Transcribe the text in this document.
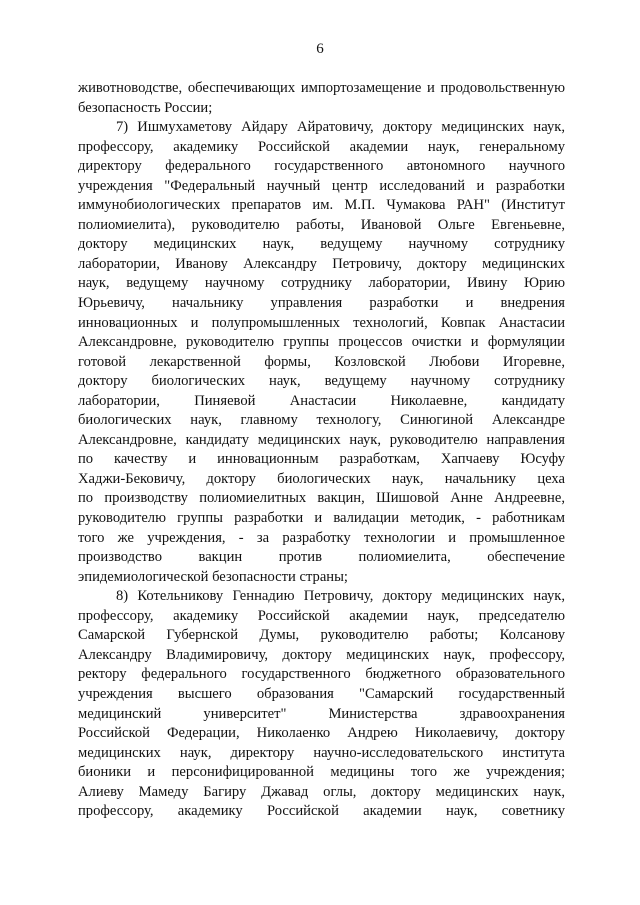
6

животноводстве, обеспечивающих импортозамещение и продовольственную

безопасность России;

7) Ишмухаметову Айдару Айратовичу, доктору медицинских наук,

профессору, академику Российской академии наук, генеральному

директору федерального государственного автономного научного

учреждения "Федеральный научный центр исследований и разработки

иммунобиологических препаратов им. М.П. Чумакова РАН" (Институт

полиомиелита), руководителю работы, Ивановой Ольге Евгеньевне,

доктору медицинских наук, ведущему научному сотруднику

лаборатории, Иванову Александру Петровичу, доктору медицинских

наук, ведущему научному сотруднику лаборатории, Ивину Юрию

Юрьевичу, начальнику управления разработки и внедрения

инновационных и полупромышленных технологий, Ковпак Анастасии

Александровне, руководителю группы процессов очистки и формуляции

готовой лекарственной формы, Козловской Любови Игоревне,

доктору биологических наук, ведущему научному сотруднику

лаборатории, Пиняевой Анастасии Николаевне, кандидату

биологических наук, главному технологу, Синюгиной Александре

Александровне, кандидату медицинских наук, руководителю направления

по качеству и инновационным разработкам, Хапчаеву Юсуфу

Хаджи-Бековичу, доктору биологических наук, начальнику цеха

по производству полиомиелитных вакцин, Шишовой Анне Андреевне,

руководителю группы разработки и валидации методик, - работникам

того же учреждения, - за разработку технологии и промышленное

производство вакцин против полиомиелита, обеспечение

эпидемиологической безопасности страны;

8) Котельникову Геннадию Петровичу, доктору медицинских наук,

профессору, академику Российской академии наук, председателю

Самарской Губернской Думы, руководителю работы; Колсанову

Александру Владимировичу, доктору медицинских наук, профессору,

ректору федерального государственного бюджетного образовательного

учреждения высшего образования "Самарский государственный

медицинский университет" Министерства здравоохранения

Российской Федерации, Николаенко Андрею Николаевичу, доктору

медицинских наук, директору научно-исследовательского института

бионики и персонифицированной медицины того же учреждения;

Алиеву Мамеду Багиру Джавад оглы, доктору медицинских наук,

профессору, академику Российской академии наук, советнику
